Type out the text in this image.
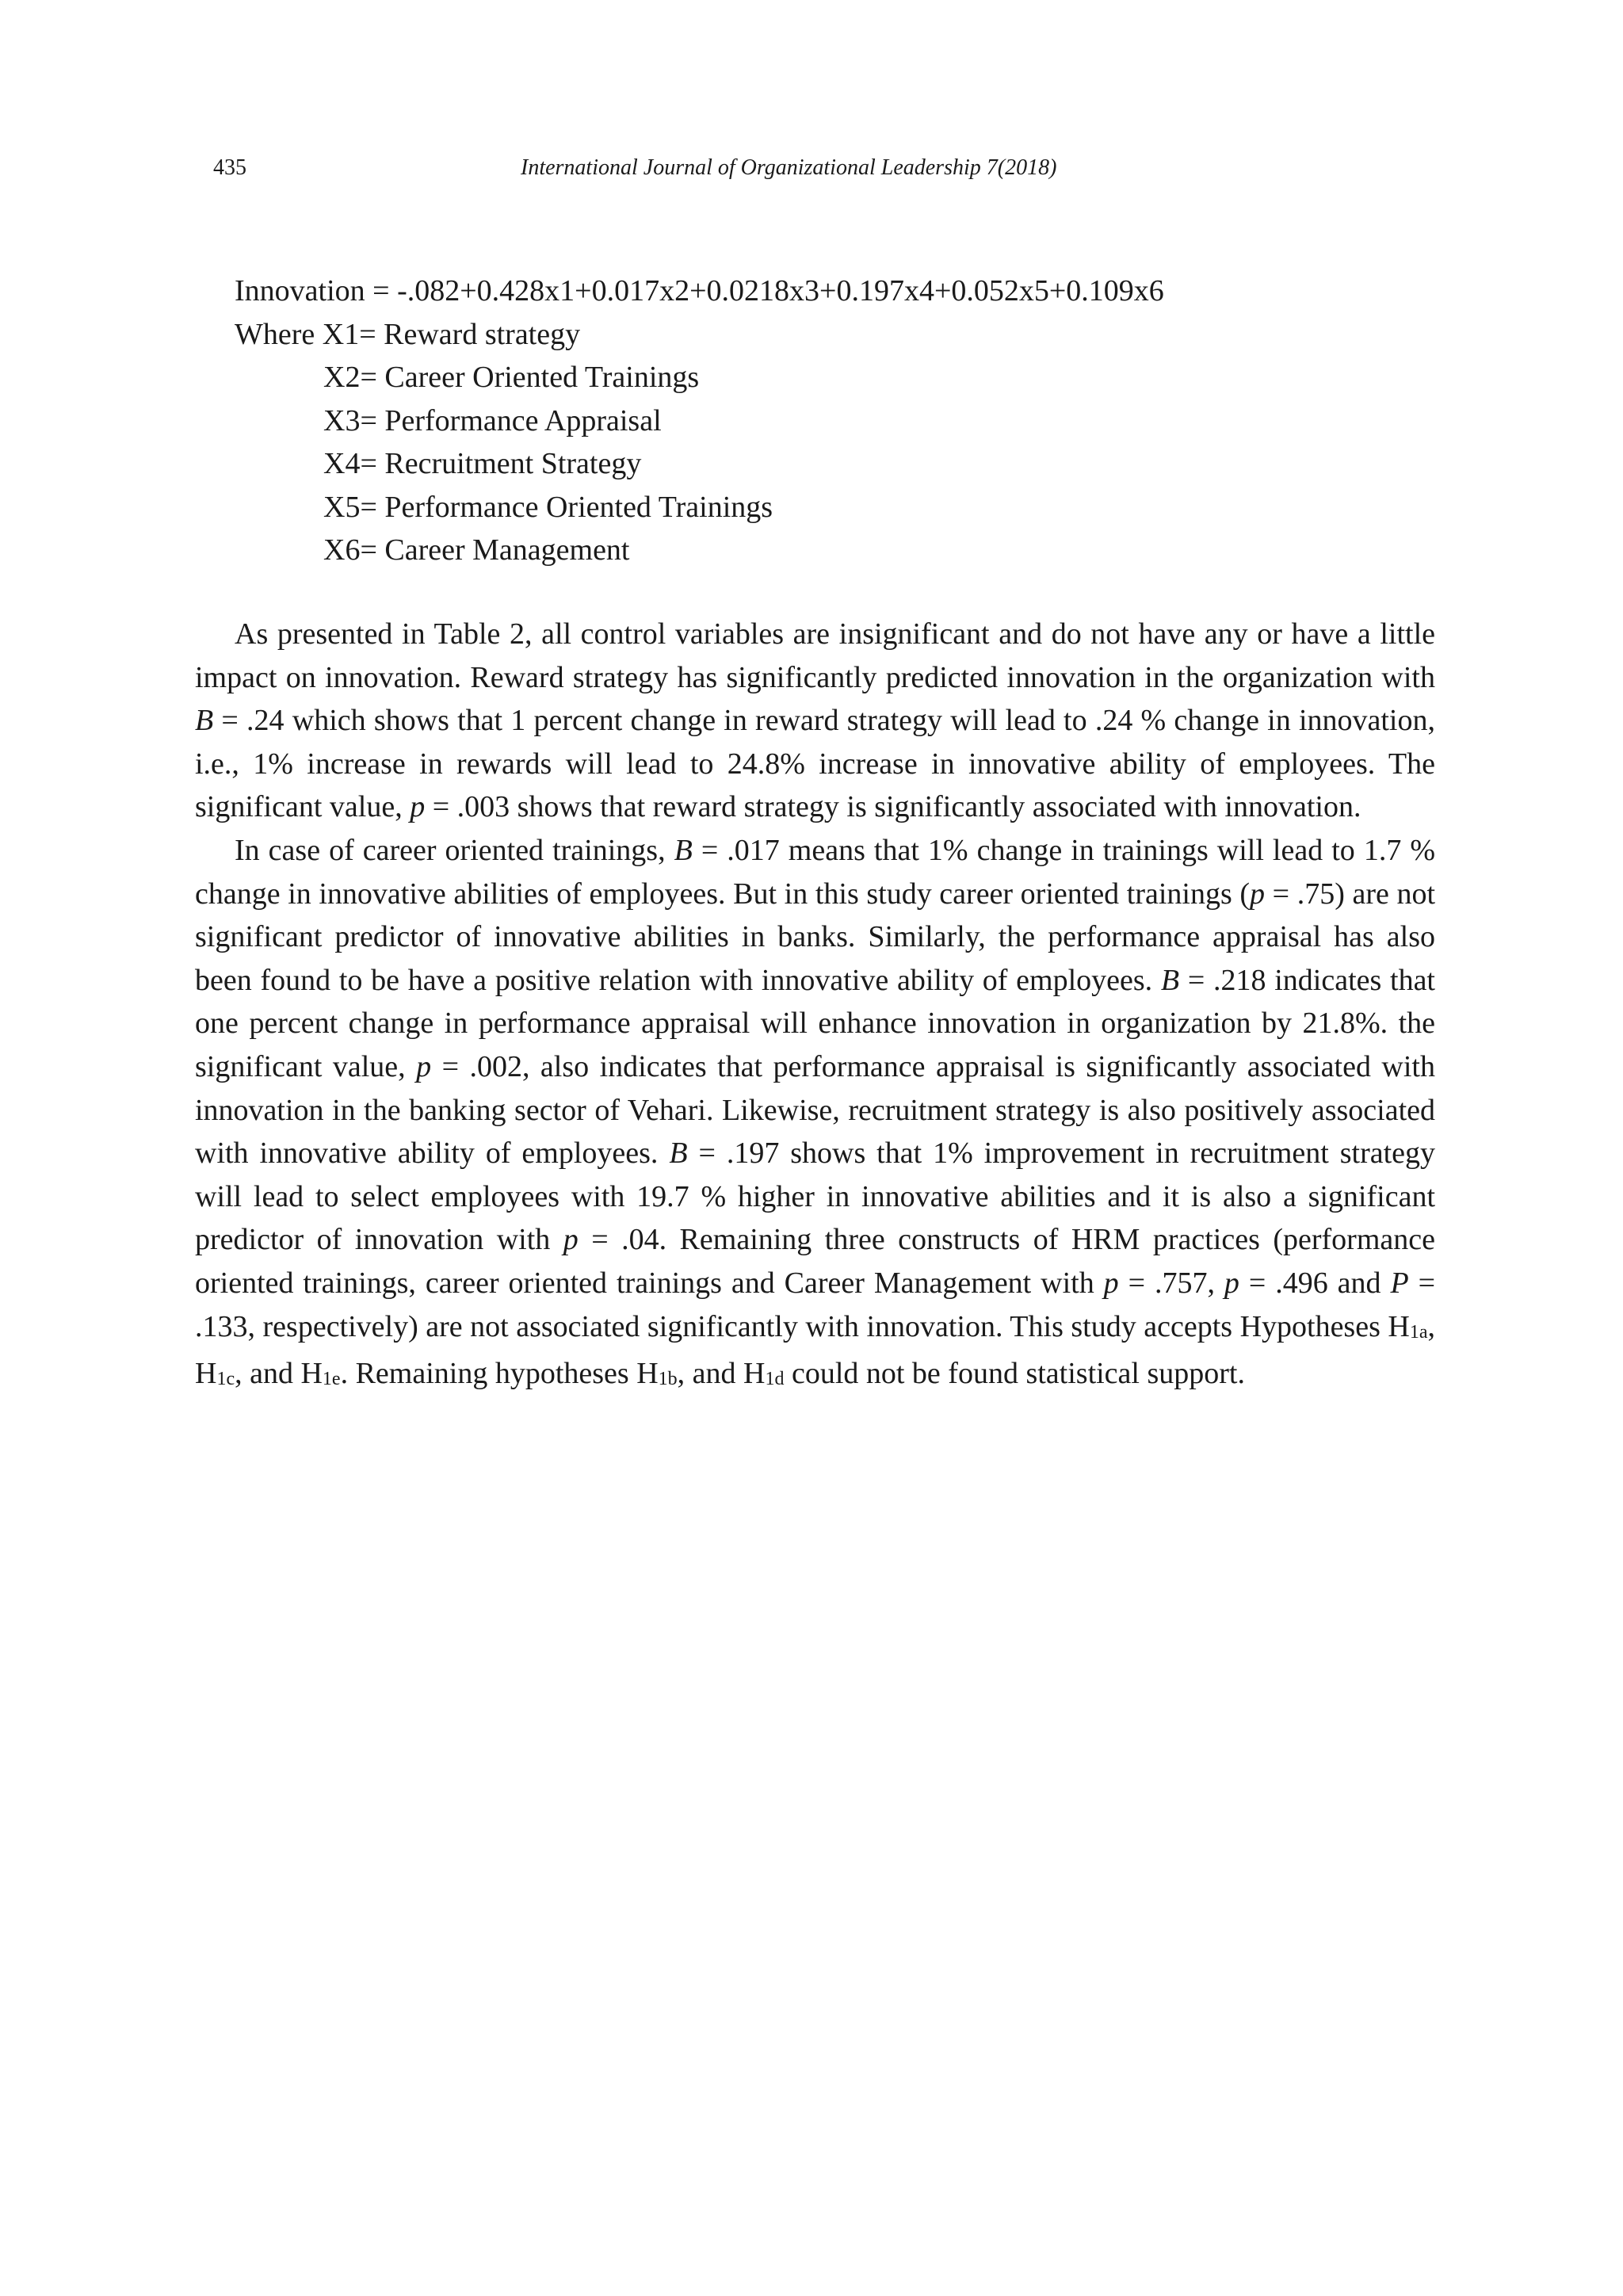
435	International Journal of Organizational Leadership 7(2018)
Innovation = -.082+0.428x1+0.017x2+0.0218x3+0.197x4+0.052x5+0.109x6
Where X1= Reward strategy
X2= Career Oriented Trainings
X3= Performance Appraisal
X4= Recruitment Strategy
X5= Performance Oriented Trainings
X6= Career Management

As presented in Table 2, all control variables are insignificant and do not have any or have a little impact on innovation. Reward strategy has significantly predicted innovation in the organization with B = .24 which shows that 1 percent change in reward strategy will lead to .24 % change in innovation, i.e., 1% increase in rewards will lead to 24.8% increase in innovative ability of employees. The significant value, p = .003 shows that reward strategy is significantly associated with innovation.

In case of career oriented trainings, B = .017 means that 1% change in trainings will lead to 1.7 % change in innovative abilities of employees. But in this study career oriented trainings (p = .75) are not significant predictor of innovative abilities in banks. Similarly, the performance appraisal has also been found to be have a positive relation with innovative ability of employees. B = .218 indicates that one percent change in performance appraisal will enhance innovation in organization by 21.8%. the significant value, p = .002, also indicates that performance appraisal is significantly associated with innovation in the banking sector of Vehari. Likewise, recruitment strategy is also positively associated with innovative ability of employees. B = .197 shows that 1% improvement in recruitment strategy will lead to select employees with 19.7 % higher in innovative abilities and it is also a significant predictor of innovation with p = .04. Remaining three constructs of HRM practices (performance oriented trainings, career oriented trainings and Career Management with p = .757, p = .496 and P = .133, respectively) are not associated significantly with innovation. This study accepts Hypotheses $H_{1a}$, $H_{1c}$, and $H_{1e}$. Remaining hypotheses $H_{1b}$, and $H_{1d}$ could not be found statistical support.
